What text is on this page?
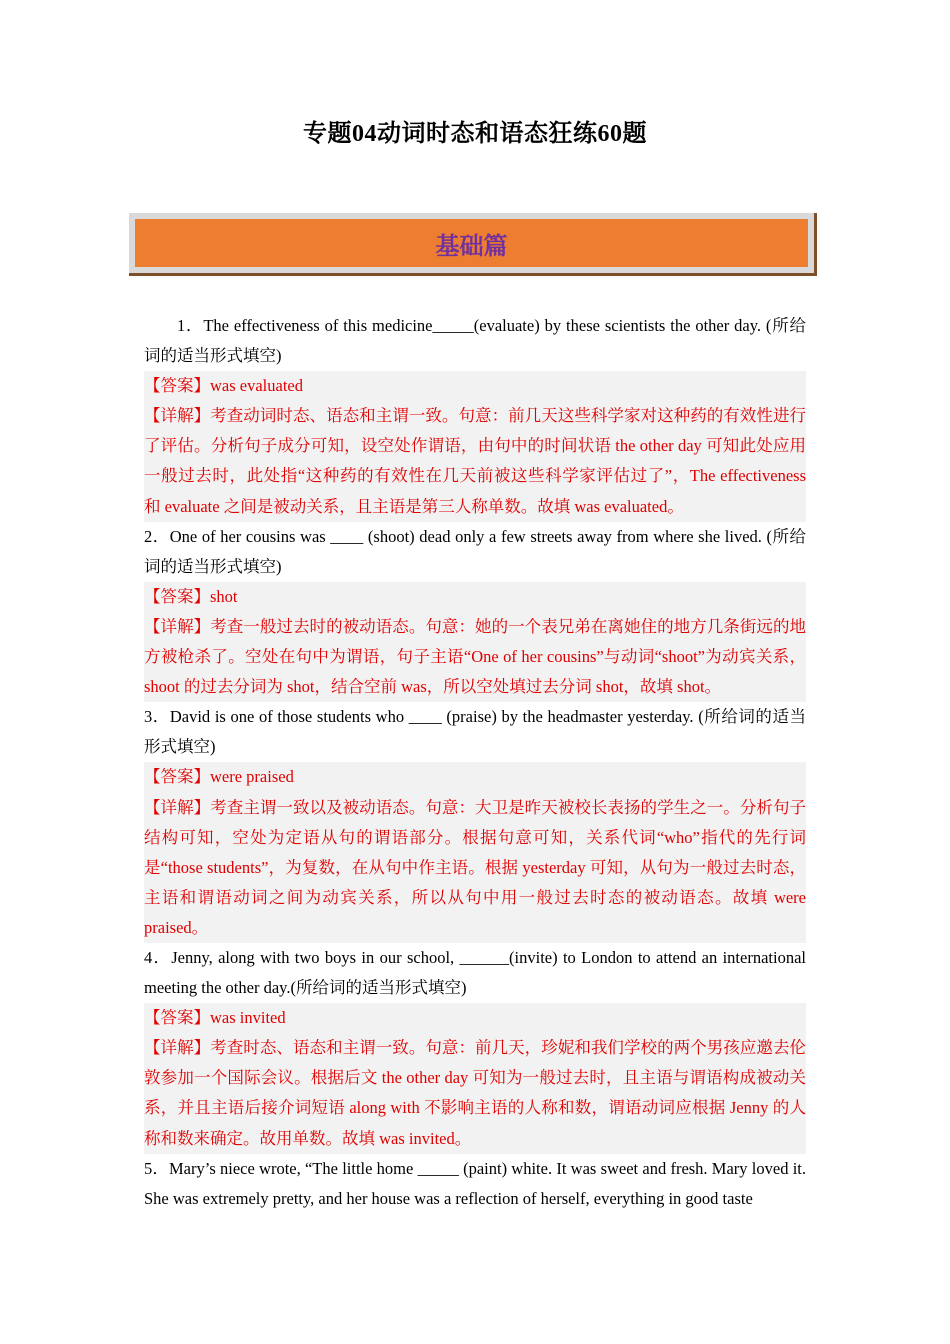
专题04动词时态和语态狂练60题
基础篇
1．The effectiveness of this medicine_____(evaluate) by these scientists the other day. (所给词的适当形式填空)
【答案】was evaluated
【详解】考查动词时态、语态和主谓一致。句意：前几天这些科学家对这种药的有效性进行了评估。分析句子成分可知，设空处作谓语，由句中的时间状语 the other day 可知此处应用一般过去时，此处指“这种药的有效性在几天前被这些科学家评估过了”，The effectiveness 和 evaluate 之间是被动关系，且主语是第三人称单数。故填 was evaluated。
2．One of her cousins was ____ (shoot) dead only a few streets away from where she lived. (所给词的适当形式填空)
【答案】shot
【详解】考查一般过去时的被动语态。句意：她的一个表兄弟在离她住的地方几条街远的地方被枪杀了。空处在句中为谓语，句子主语“One of her cousins”与动词“shoot”为动宾关系，shoot 的过去分词为 shot，结合空前 was，所以空处填过去分词 shot，故填 shot。
3．David is one of those students who ____ (praise) by the headmaster yesterday. (所给词的适当形式填空)
【答案】were praised
【详解】考查主谓一致以及被动语态。句意：大卫是昨天被校长表扬的学生之一。分析句子结构可知，空处为定语从句的谓语部分。根据句意可知，关系代词“who”指代的先行词是“those students”，为复数，在从句中作主语。根据 yesterday 可知，从句为一般过去时态，主语和谓语动词之间为动宾关系，所以从句中用一般过去时态的被动语态。故填 were praised。
4．Jenny, along with two boys in our school, ______(invite) to London to attend an international meeting the other day.(所给词的适当形式填空)
【答案】was invited
【详解】考查时态、语态和主谓一致。句意：前几天，珍妮和我们学校的两个男孩应邀去伦敦参加一个国际会议。根据后文 the other day 可知为一般过去时，且主语与谓语构成被动关系，并且主语后接介词短语 along with 不影响主语的人称和数，谓语动词应根据 Jenny 的人称和数来确定。故用单数。故填 was invited。
5．Mary’s niece wrote, “The little home _____ (paint) white. It was sweet and fresh. Mary loved it. She was extremely pretty, and her house was a reflection of herself, everything in good taste
